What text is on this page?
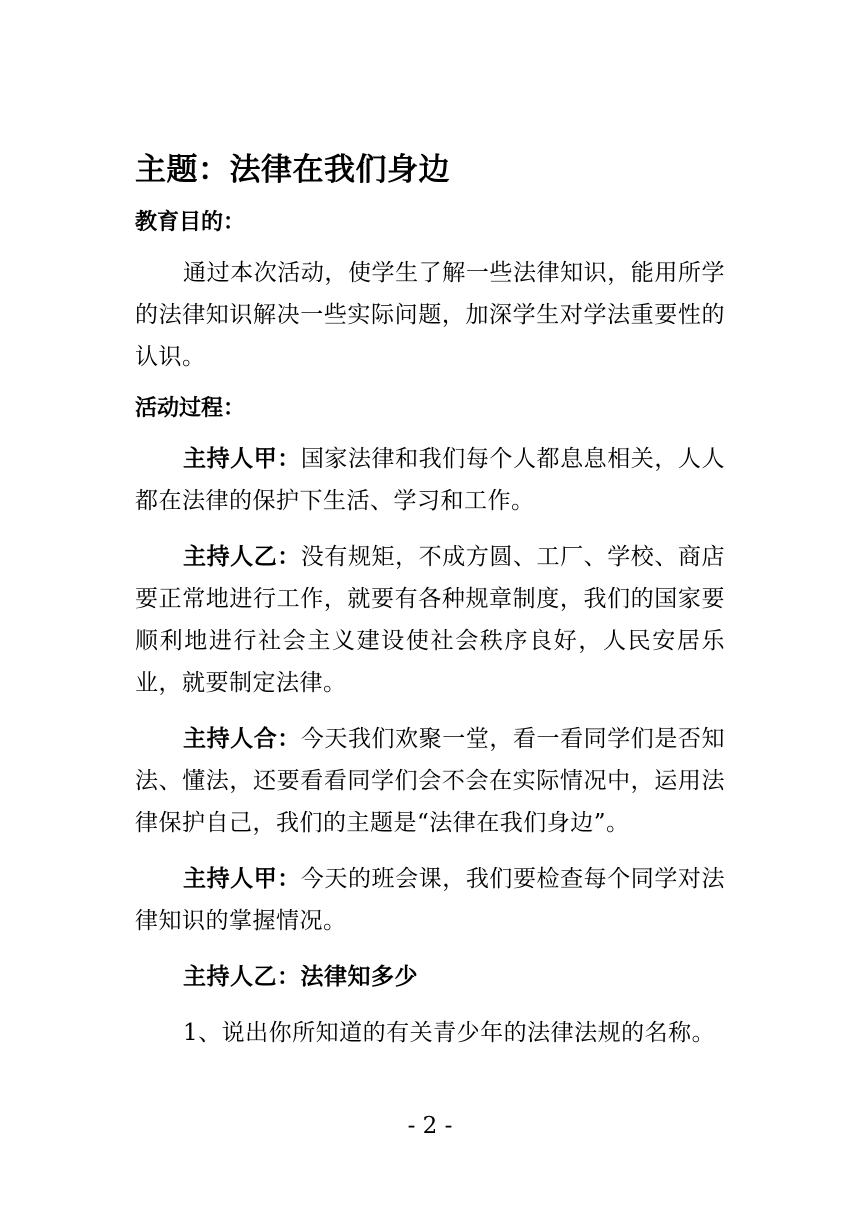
主题：法律在我们身边
教育目的：

通过本次活动，使学生了解一些法律知识，能用所学的法律知识解决一些实际问题，加深学生对学法重要性的认识。

活动过程：

主持人甲：国家法律和我们每个人都息息相关，人人都在法律的保护下生活、学习和工作。

主持人乙：没有规矩，不成方圆、工厂、学校、商店要正常地进行工作，就要有各种规章制度，我们的国家要顺利地进行社会主义建设使社会秩序良好，人民安居乐业，就要制定法律。

主持人合：今天我们欢聚一堂，看一看同学们是否知法、懂法，还要看看同学们会不会在实际情况中，运用法律保护自己，我们的主题是“法律在我们身边”。

主持人甲：今天的班会课，我们要检查每个同学对法律知识的掌握情况。

主持人乙：法律知多少

1、说出你所知道的有关青少年的法律法规的名称。

- 2 -
